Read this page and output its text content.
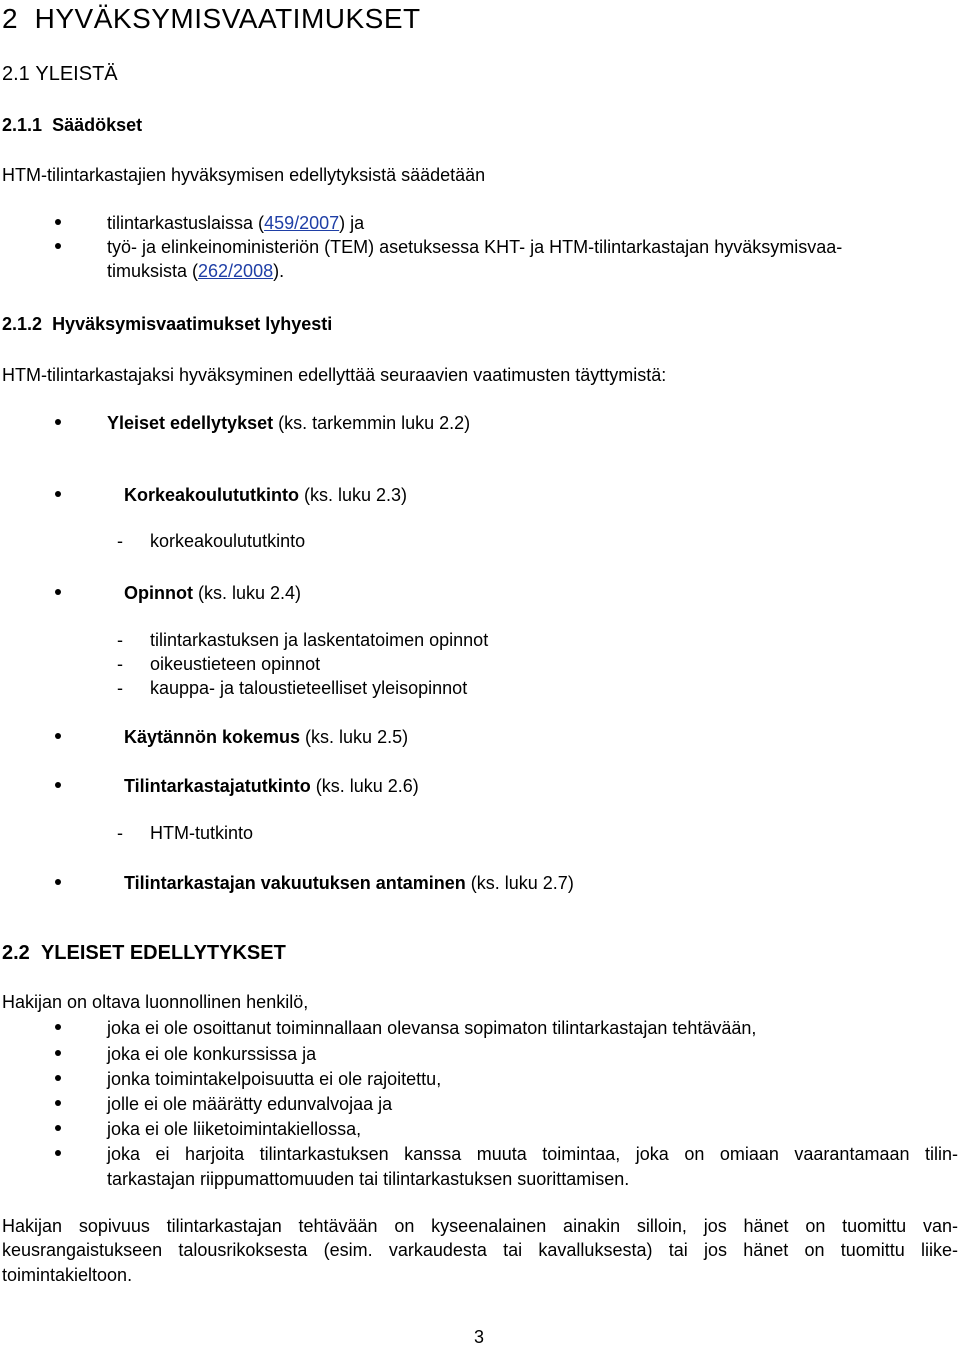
2 HYVÄKSYMISVAATIMUKSET
2.1 YLEISTÄ
2.1.1 Säädökset
HTM-tilintarkastajien hyväksymisen edellytyksistä säädetään
tilintarkastuslaissa (459/2007) ja
työ- ja elinkeinoministeriön (TEM) asetuksessa KHT- ja HTM-tilintarkastajan hyväksymisvaa-
timuksista (262/2008).
2.1.2 Hyväksymisvaatimukset lyhyesti
HTM-tilintarkastajaksi hyväksyminen edellyttää seuraavien vaatimusten täyttymistä:
Yleiset edellytykset (ks. tarkemmin luku 2.2)
Korkeakoulututkinto (ks. luku 2.3)
- korkeakoulututkinto
Opinnot (ks. luku 2.4)
- tilintarkastuksen ja laskentatoimen opinnot
- oikeustieteen opinnot
- kauppa- ja taloustieteelliset yleisopinnot
Käytännön kokemus (ks. luku 2.5)
Tilintarkastajatutkinto (ks. luku 2.6)
- HTM-tutkinto
Tilintarkastajan vakuutuksen antaminen (ks. luku 2.7)
2.2 YLEISET EDELLYTYKSET
Hakijan on oltava luonnollinen henkilö,
joka ei ole osoittanut toiminnallaan olevansa sopimaton tilintarkastajan tehtävään,
joka ei ole konkurssissa ja
jonka toimintakelpoisuutta ei ole rajoitettu,
jolle ei ole määrätty edunvalvojaa ja
joka ei ole liiketoimintakiellossa,
joka ei harjoita tilintarkastuksen kanssa muuta toimintaa, joka on omiaan vaarantamaan tilin-
tarkastajan riippumattomuuden tai tilintarkastuksen suorittamisen.
Hakijan sopivuus tilintarkastajan tehtävään on kyseenalainen ainakin silloin, jos hänet on tuomittu van-
keusrangaistukseen talousrikoksesta (esim. varkaudesta tai kavalluksesta) tai jos hänet on tuomittu liike-
toimintakieltoon.
3
